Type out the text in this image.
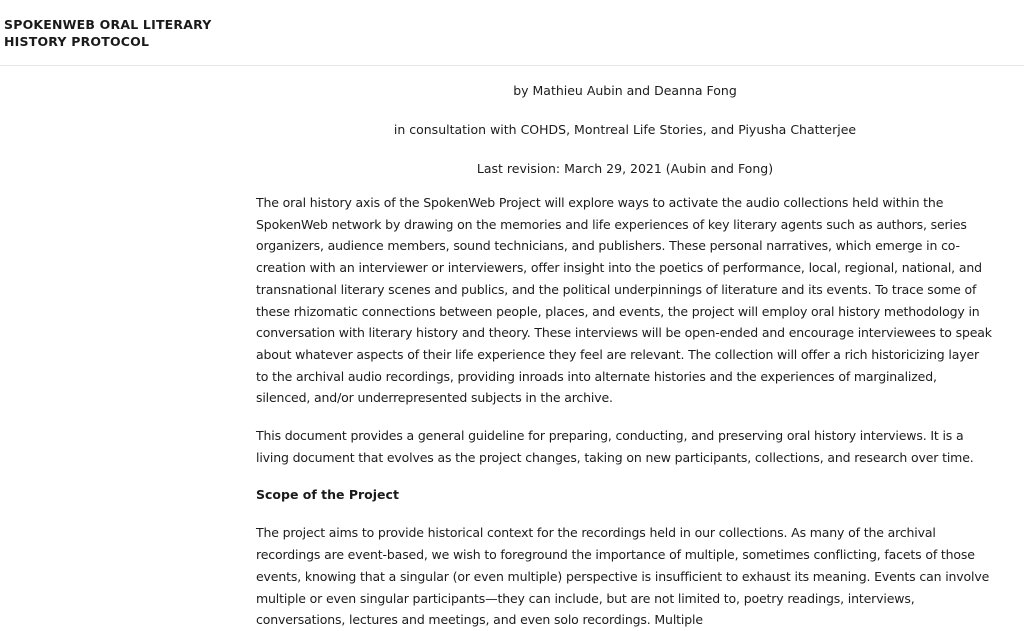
SPOKENWEB ORAL LITERARY
HISTORY PROTOCOL

by Mathieu Aubin and Deanna Fong

in consultation with COHDS, Montreal Life Stories, and Piyusha Chatterjee

Last revision: March 29, 2021 (Aubin and Fong)

The oral history axis of the SpokenWeb Project will explore ways to activate the audio collections held within the SpokenWeb network by drawing on the memories and life experiences of key literary agents such as authors, series organizers, audience members, sound technicians, and publishers. These personal narratives, which emerge in co-creation with an interviewer or interviewers, offer insight into the poetics of performance, local, regional, national, and transnational literary scenes and publics, and the political underpinnings of literature and its events. To trace some of these rhizomatic connections between people, places, and events, the project will employ oral history methodology in conversation with literary history and theory. These interviews will be open-ended and encourage interviewees to speak about whatever aspects of their life experience they feel are relevant. The collection will offer a rich historicizing layer to the archival audio recordings, providing inroads into alternate histories and the experiences of marginalized, silenced, and/or underrepresented subjects in the archive.

This document provides a general guideline for preparing, conducting, and preserving oral history interviews. It is a living document that evolves as the project changes, taking on new participants, collections, and research over time.

Scope of the Project

The project aims to provide historical context for the recordings held in our collections. As many of the archival recordings are event-based, we wish to foreground the importance of multiple, sometimes conflicting, facets of those events, knowing that a singular (or even multiple) perspective is insufficient to exhaust its meaning. Events can involve multiple or even singular participants—they can include, but are not limited to, poetry readings, interviews, conversations, lectures and meetings, and even solo recordings. Multiple
